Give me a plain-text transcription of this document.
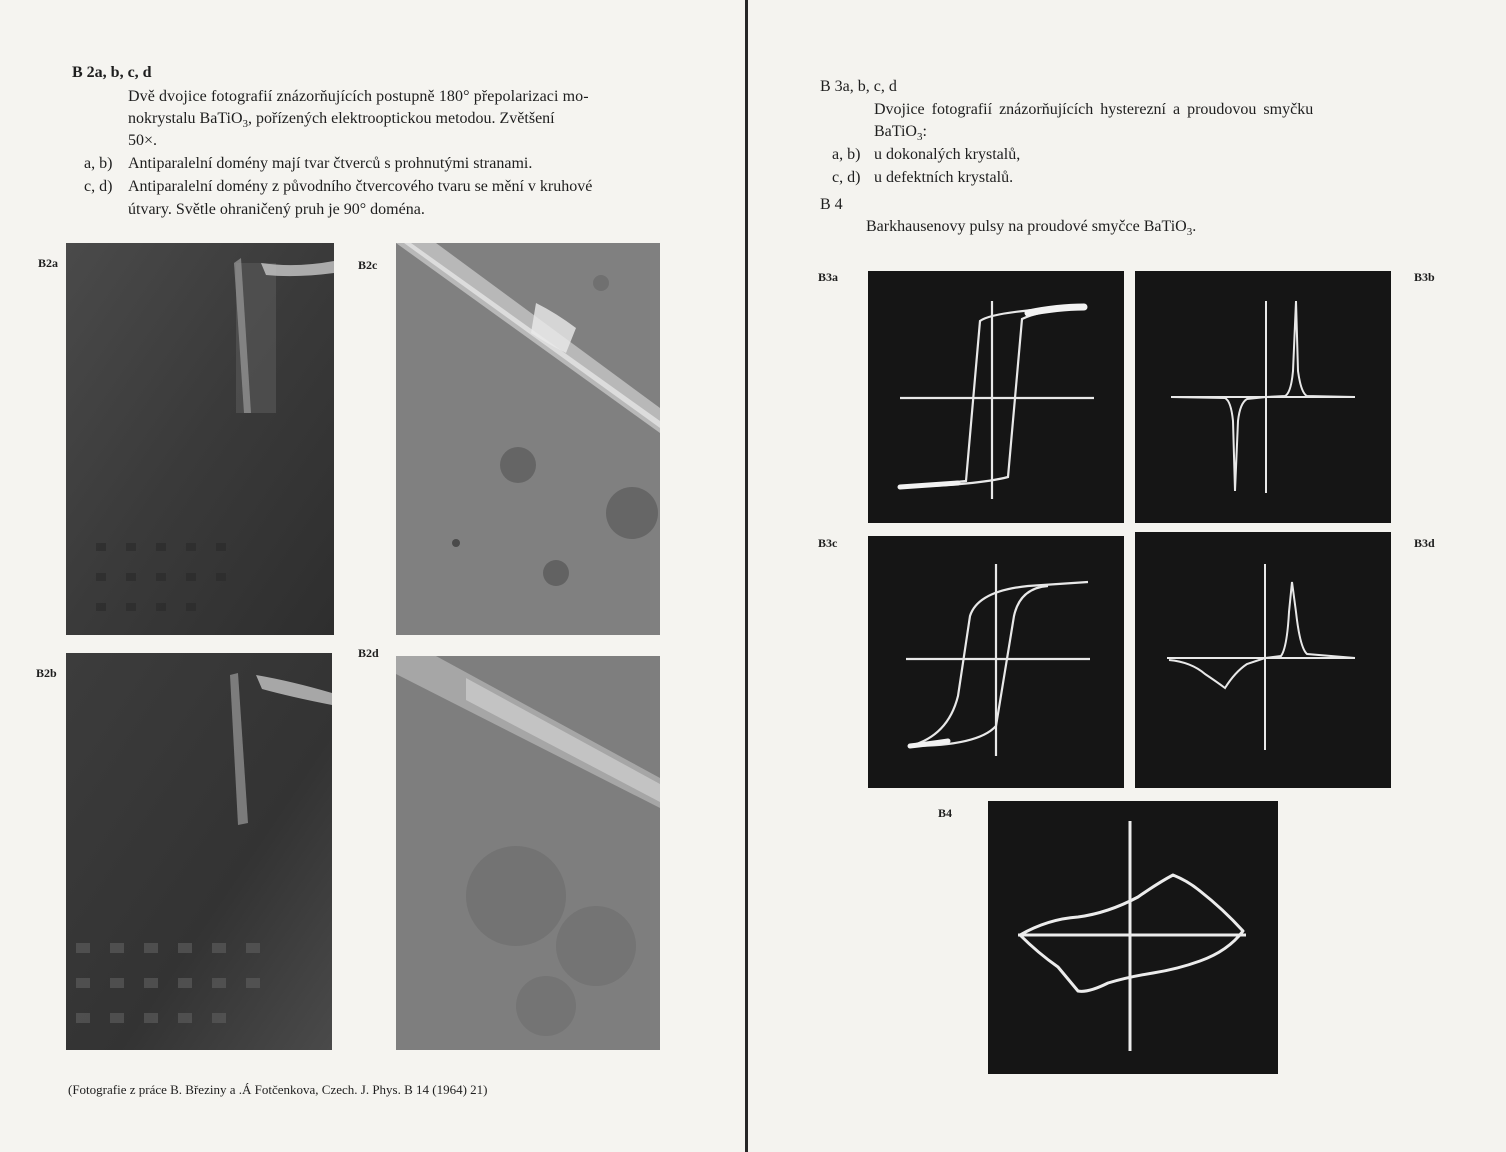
B 2a, b, c, d
Dvě dvojice fotografií znázorňujících postupně 180° přepolarizaci mo-
nokrystalu BaTiO$_3$, pořízených elektrooptickou metodou. Zvětšení
50×.
a, b) Antiparalelní domény mají tvar čtverců s prohnutými stranami.
c, d) Antiparalelní domény z původního čtvercového tvaru se mění v kruhové
útvary. Světle ohraničený pruh je 90° doména.
B2a	B2c
B2b
B2d
(Fotografie z práce B. Březiny a .Á Fotčenkova, Czech. J. Phys. B 14 (1964) 21)
B 3a, b, c, d
Dvojice fotografií znázorňujících hysterezní a proudovou smyčku
BaTiO$_3$:
a, b) u dokonalých krystalů,
c, d) u defektních krystalů.
B 4
Barkhausenovy pulsy na proudové smyčce BaTiO$_3$.
B3a	B3b
B3c	B3d
B4
